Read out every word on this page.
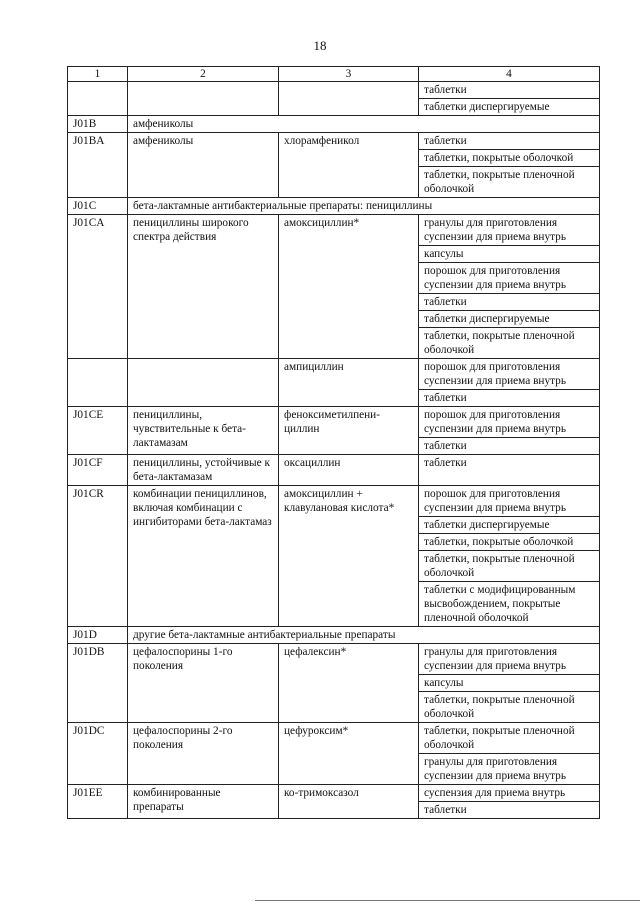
18
1	2	3	4
			таблетки
			таблетки диспергируемые
J01B	амфениколы		
J01BA	амфениколы	хлорамфеникол	таблетки
			таблетки, покрытые оболочкой
			таблетки, покрытые пленочной оболочкой
J01C	бета-лактамные антибактериальные препараты: пенициллины		
J01CA	пенициллины широкого спектра действия	амоксициллин*	гранулы для приготовления суспензии для приема внутрь
			капсулы
			порошок для приготовления суспензии для приема внутрь
			таблетки
			таблетки диспергируемые
			таблетки, покрытые пленочной оболочкой
		ампициллин	порошок для приготовления суспензии для приема внутрь
			таблетки
J01CE	пенициллины, чувствительные к бета-лактамазам	феноксиметилпени-циллин	порошок для приготовления суспензии для приема внутрь
			таблетки
J01CF	пенициллины, устойчивые к бета-лактамазам	оксациллин	таблетки
J01CR	комбинации пенициллинов, включая комбинации с ингибиторами бета-лактамаз	амоксициллин + клавулановая кислота*	порошок для приготовления суспензии для приема внутрь
			таблетки диспергируемые
			таблетки, покрытые оболочкой
			таблетки, покрытые пленочной оболочкой
			таблетки с модифицированным высвобождением, покрытые пленочной оболочкой
J01D	другие бета-лактамные антибактериальные препараты		
J01DB	цефалоспорины 1-го поколения	цефалексин*	гранулы для приготовления суспензии для приема внутрь
			капсулы
			таблетки, покрытые пленочной оболочкой
J01DC	цефалоспорины 2-го поколения	цефуроксим*	таблетки, покрытые пленочной оболочкой
			гранулы для приготовления суспензии для приема внутрь
J01EE	комбинированные препараты	ко-тримоксазол	суспензия для приема внутрь
			таблетки
